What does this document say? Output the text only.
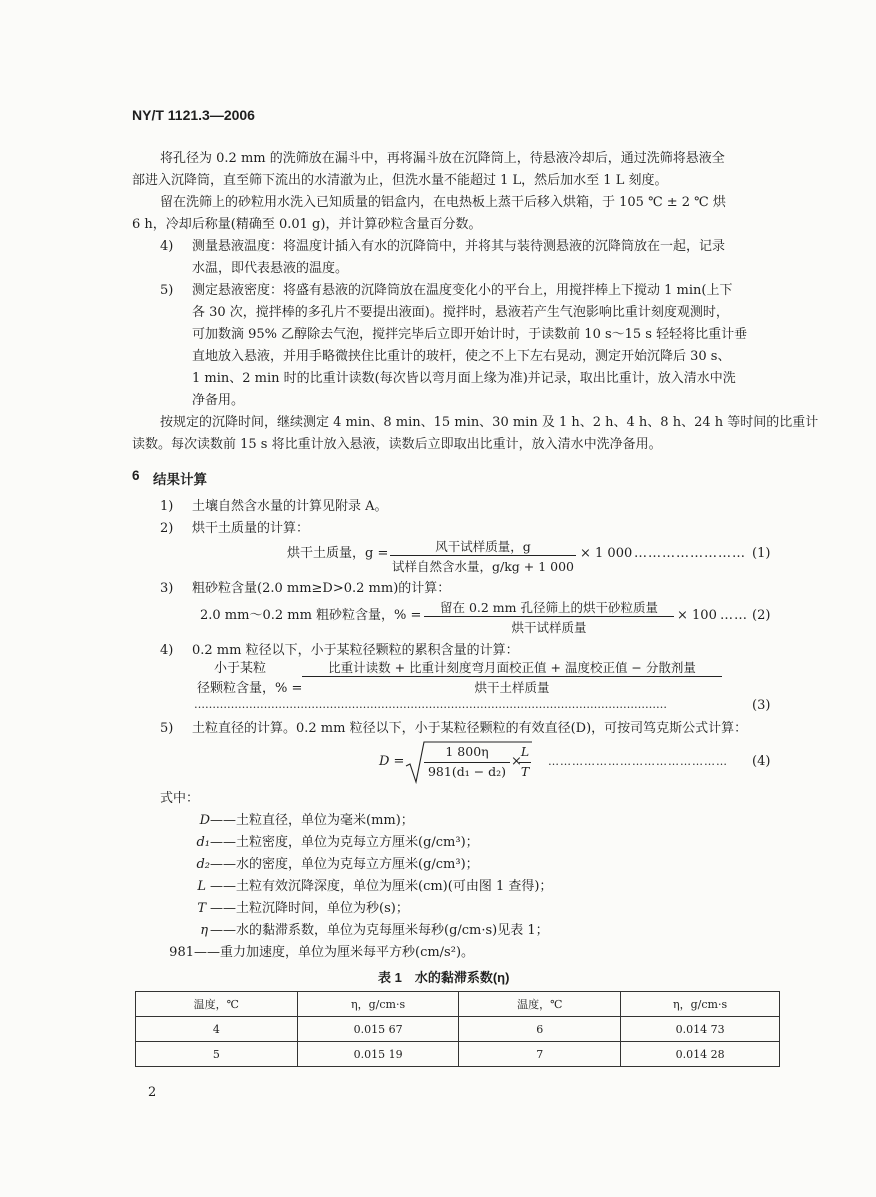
NY/T 1121.3—2006
将孔径为 0.2 mm 的洗筛放在漏斗中，再将漏斗放在沉降筒上，待悬液冷却后，通过洗筛将悬液全
部进入沉降筒，直至筛下流出的水清澈为止，但洗水量不能超过 1 L，然后加水至 1 L 刻度。
留在洗筛上的砂粒用水洗入已知质量的铝盒内，在电热板上蒸干后移入烘箱，于 105 ℃ ± 2 ℃ 烘
6 h，冷却后称量(精确至 0.01 g)，并计算砂粒含量百分数。
4) 测量悬液温度：将温度计插入有水的沉降筒中，并将其与装待测悬液的沉降筒放在一起，记录
水温，即代表悬液的温度。
5) 测定悬液密度：将盛有悬液的沉降筒放在温度变化小的平台上，用搅拌棒上下搅动 1 min(上下
各 30 次，搅拌棒的多孔片不要提出液面)。搅拌时，悬液若产生气泡影响比重计刻度观测时，
可加数滴 95% 乙醇除去气泡，搅拌完毕后立即开始计时，于读数前 10 s～15 s 轻轻将比重计垂
直地放入悬液，并用手略微挟住比重计的玻杆，使之不上下左右晃动，测定开始沉降后 30 s、
1 min、2 min 时的比重计读数(每次皆以弯月面上缘为准)并记录，取出比重计，放入清水中洗
净备用。
按规定的沉降时间，继续测定 4 min、8 min、15 min、30 min 及 1 h、2 h、4 h、8 h、24 h 等时间的比重计
读数。每次读数前 15 s 将比重计放入悬液，读数后立即取出比重计，放入清水中洗净备用。
6 结果计算
1) 土壤自然含水量的计算见附录 A。
2) 烘干土质量的计算：
烘干土质量，g =	风干试样质量，g
试样自然含水量，g/kg + 1 000
× 1 000 …………………… (1)
3) 粗砂粒含量(2.0 mm≥D>0.2 mm)的计算：
2.0 mm～0.2 mm 粗砂粒含量，% =
留在 0.2 mm 孔径筛上的烘干砂粒质量
烘干试样质量
× 100 …… (2)
4) 0.2 mm 粒径以下，小于某粒径颗粒的累积含量的计算：
小于某粒
径颗粒含量，% =
比重计读数 + 比重计刻度弯月面校正值 + 温度校正值 − 分散剂量
烘干土样质量
…………………………………………………………………………………………………………………	(3)
5) 土粒直径的计算。0.2 mm 粒径以下，小于某粒径颗粒的有效直径(D)，可按司笃克斯公式计算：
D =
1 800η
981(d₁ − d₂)
×
L
T
……………………………………… (4)
式中：
D ——土粒直径，单位为毫米(mm)；
d₁ ——土粒密度，单位为克每立方厘米(g/cm³)；
d₂ ——水的密度，单位为克每立方厘米(g/cm³)；
L ——土粒有效沉降深度，单位为厘米(cm)(可由图 1 查得)；
T ——土粒沉降时间，单位为秒(s)；
η ——水的黏滞系数，单位为克每厘米每秒(g/cm·s)见表 1；
981 ——重力加速度，单位为厘米每平方秒(cm/s²)。
表 1　水的黏滞系数(η)
温度，℃	η，g/cm·s	温度，℃	η，g/cm·s
4	0.015 67	6	0.014 73
5	0.015 19	7	0.014 28
2
